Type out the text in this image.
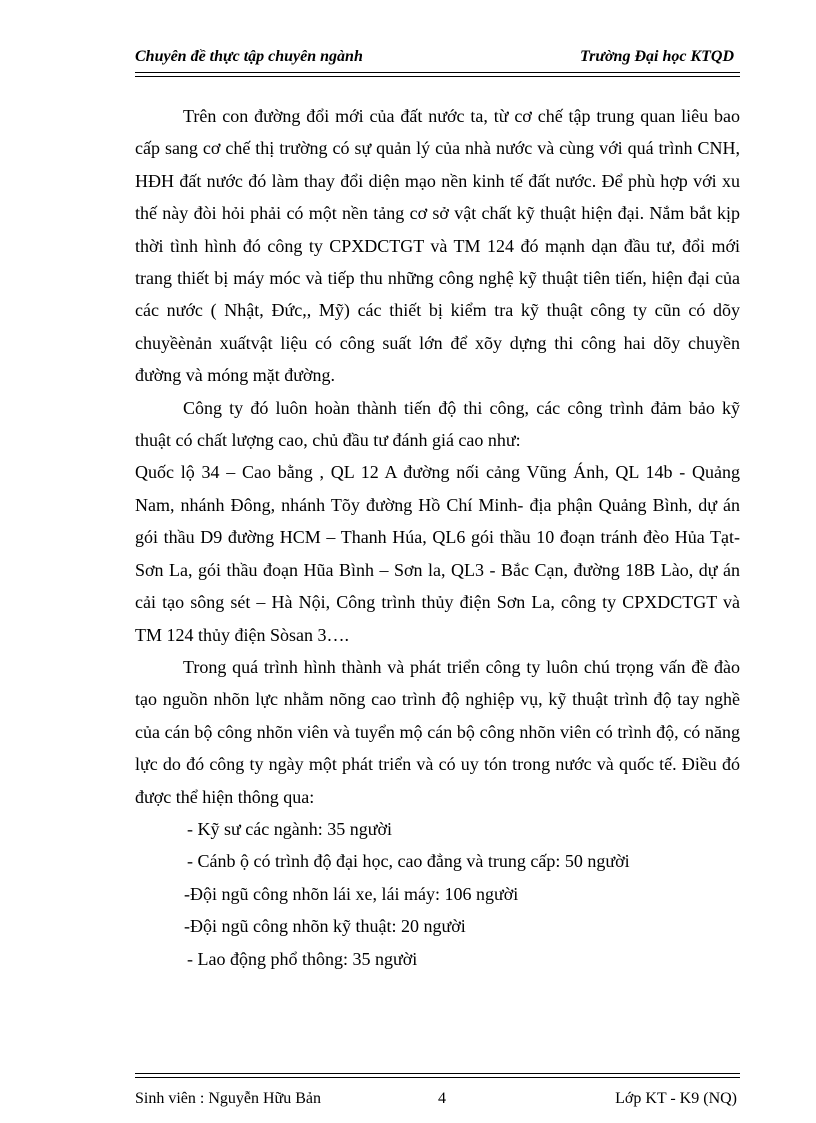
Chuyên đề thực tập chuyên ngành	Trường Đại học KTQD

Trên con đường đổi mới của đất nước ta, từ cơ chế tập trung quan liêu bao cấp sang cơ chế thị trường có sự quản lý của nhà nước và cùng với quá trình CNH, HĐH đất nước đó làm thay đổi diện mạo nền kinh tế đất nước. Để phù hợp với xu thế này đòi hỏi phải có một nền tảng cơ sở vật chất kỹ thuật hiện đại. Nắm bắt kịp thời tình hình đó công ty CPXDCTGT và TM 124 đó mạnh dạn đầu tư, đổi mới trang thiết bị máy móc và tiếp thu những công nghệ kỹ thuật tiên tiến, hiện đại của các nước ( Nhật, Đức,, Mỹ) các thiết bị kiểm tra kỹ thuật công ty cũn có dõy chuyềènản xuấtvật liệu có công suất lớn để xõy dựng thi công hai dõy chuyền đường và móng mặt đường.

Công ty đó luôn hoàn thành tiến độ thi công, các công trình đảm bảo kỹ thuật có chất lượng cao, chủ đầu tư đánh giá cao như:

Quốc lộ 34 – Cao bằng , QL 12 A đường nối cảng Vũng Ánh, QL 14b - Quảng Nam, nhánh Đông, nhánh Tõy đường Hồ Chí Minh- địa phận Quảng Bình, dự án gói thầu D9 đường HCM – Thanh Húa, QL6 gói thầu 10 đoạn tránh đèo Hủa Tạt- Sơn La, gói thầu đoạn Hũa Bình – Sơn la, QL3 - Bắc Cạn, đường 18B Lào, dự án cải tạo sông sét – Hà Nội, Công trình thủy điện Sơn La, công ty CPXDCTGT và TM 124 thủy điện Sòsan 3….

Trong quá trình hình thành và phát triển công ty luôn chú trọng vấn đề đào tạo nguồn nhõn lực nhằm nõng cao trình độ nghiệp vụ, kỹ thuật trình độ tay nghề của cán bộ công nhõn viên và tuyển mộ cán bộ công nhõn viên có trình độ, có năng lực do đó công ty ngày một phát triển và có uy tón trong nước và quốc tế. Điều đó được thể hiện thông qua:

- Kỹ sư các ngành: 35 người

- Cánb ộ có trình độ đại học, cao đẳng và trung cấp: 50 người

-Đội ngũ công nhõn lái xe, lái máy: 106 người

-Đội ngũ công nhõn kỹ thuật: 20 người

- Lao động phổ thông: 35 người

Sinh viên : Nguyễn Hữu Bản	4	Lớp KT - K9 (NQ)
